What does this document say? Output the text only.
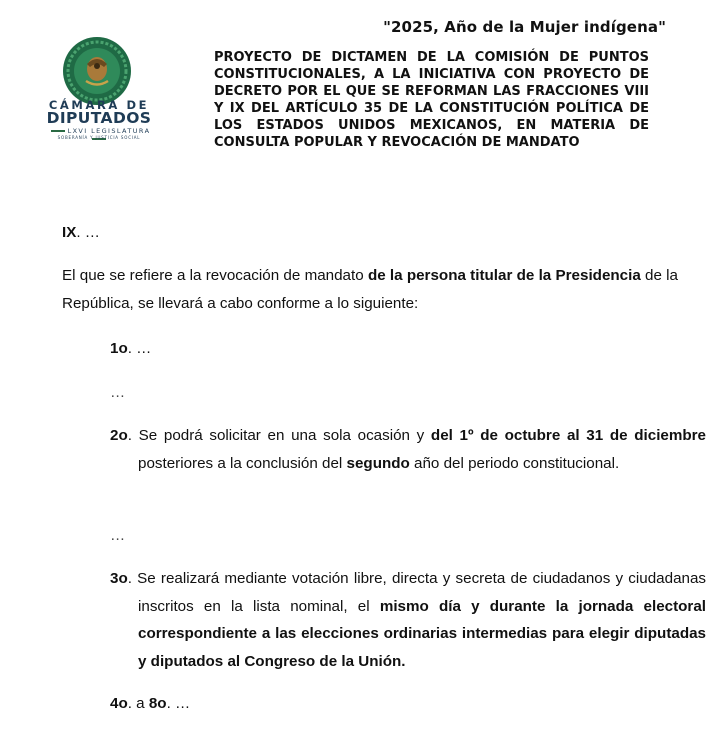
"2025, Año de la Mujer indígena"
CÁMARA DE
DIPUTADOS
LXVI LEGISLATURA
SOBERANÍA Y JUSTICIA SOCIAL
PROYECTO DE DICTAMEN DE LA COMISIÓN DE PUNTOS CONSTITUCIONALES, A LA INICIATIVA CON PROYECTO DE DECRETO POR EL QUE SE REFORMAN LAS FRACCIONES VIII Y IX DEL ARTÍCULO 35 DE LA CONSTITUCIÓN POLÍTICA DE LOS ESTADOS UNIDOS MEXICANOS, EN MATERIA DE CONSULTA POPULAR Y REVOCACIÓN DE MANDATO
IX. …
El que se refiere a la revocación de mandato de la persona titular de la Presidencia de la República, se llevará a cabo conforme a lo siguiente:
1o. …
…
2o. Se podrá solicitar en una sola ocasión y del 1º de octubre al 31 de diciembre posteriores a la conclusión del segundo año del periodo constitucional.
…
3o. Se realizará mediante votación libre, directa y secreta de ciudadanos y ciudadanas inscritos en la lista nominal, el mismo día y durante la jornada electoral correspondiente a las elecciones ordinarias intermedias para elegir diputadas y diputados al Congreso de la Unión.
4o. a 8o. …
